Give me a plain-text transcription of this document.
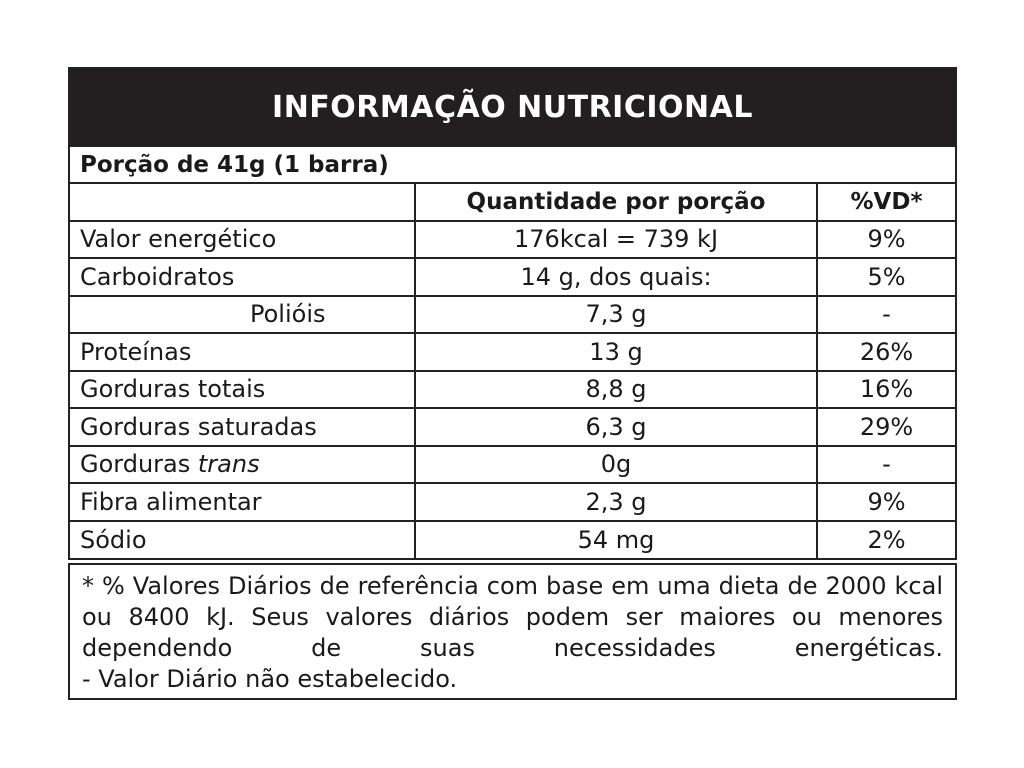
INFORMAÇÃO NUTRICIONAL
Porção de 41g (1 barra)
	Quantidade por porção	%VD*
Valor energético	176kcal = 739 kJ	9%
Carboidratos	14 g, dos quais:	5%
Polióis	7,3 g	-
Proteínas	13 g	26%
Gorduras totais	8,8 g	16%
Gorduras saturadas	6,3 g	29%
Gorduras trans	0g	-
Fibra alimentar	2,3 g	9%
Sódio	54 mg	2%

* % Valores Diários de referência com base em uma dieta de 2000 kcal ou 8400 kJ. Seus valores diários podem ser maiores ou menores dependendo de suas necessidades energéticas.

- Valor Diário não estabelecido.
